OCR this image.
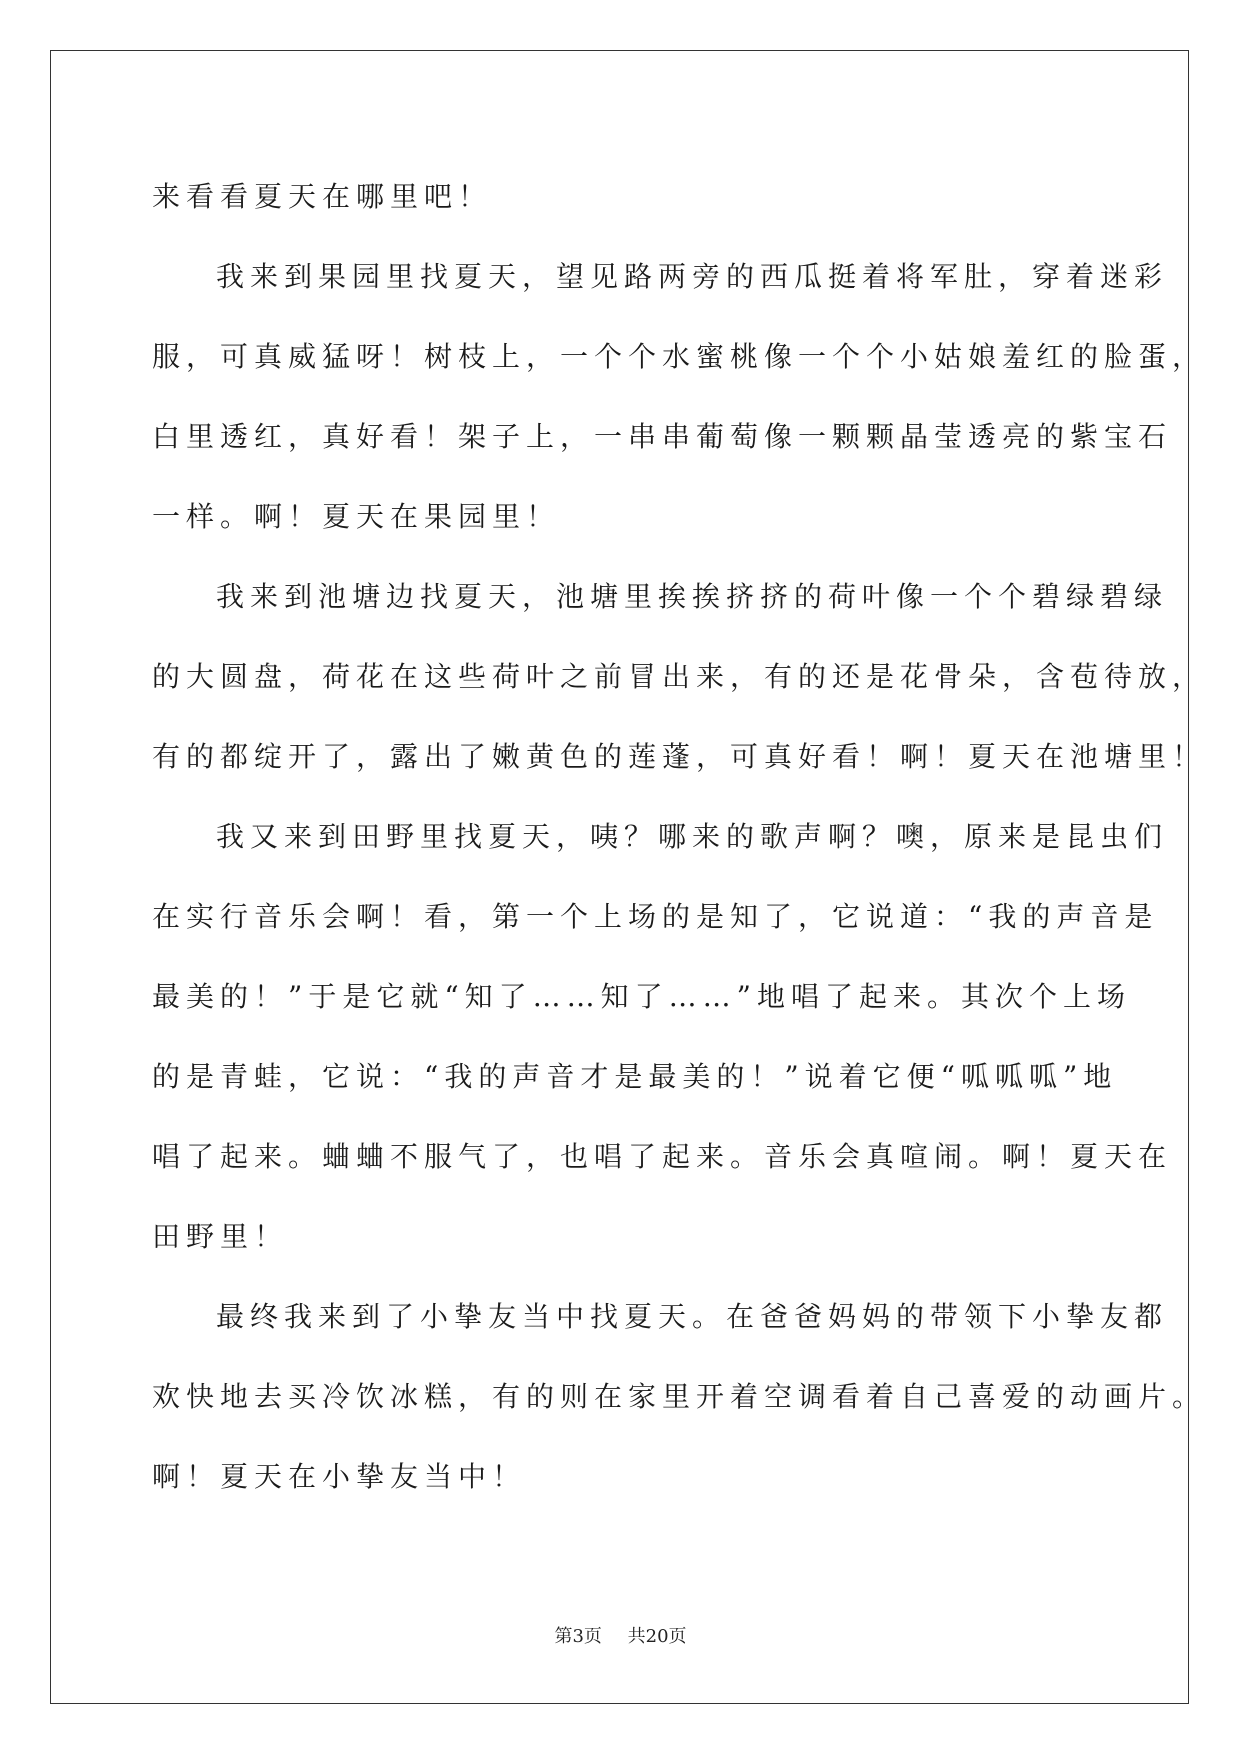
来看看夏天在哪里吧！

我来到果园里找夏天，望见路两旁的西瓜挺着将军肚，穿着迷彩

服，可真威猛呀！树枝上，一个个水蜜桃像一个个小姑娘羞红的脸蛋，

白里透红，真好看！架子上，一串串葡萄像一颗颗晶莹透亮的紫宝石

一样。啊！夏天在果园里！

我来到池塘边找夏天，池塘里挨挨挤挤的荷叶像一个个碧绿碧绿

的大圆盘，荷花在这些荷叶之前冒出来，有的还是花骨朵，含苞待放，

有的都绽开了，露出了嫩黄色的莲蓬，可真好看！啊！夏天在池塘里！

我又来到田野里找夏天，咦？哪来的歌声啊？噢，原来是昆虫们

在实行音乐会啊！看，第一个上场的是知了，它说道：“我的声音是

最美的！”于是它就“知了……知了……”地唱了起来。其次个上场

的是青蛙，它说：“我的声音才是最美的！”说着它便“呱呱呱”地

唱了起来。蛐蛐不服气了，也唱了起来。音乐会真喧闹。啊！夏天在

田野里！

最终我来到了小挚友当中找夏天。在爸爸妈妈的带领下小挚友都

欢快地去买冷饮冰糕，有的则在家里开着空调看着自己喜爱的动画片。

啊！夏天在小挚友当中！

第3页 共20页
